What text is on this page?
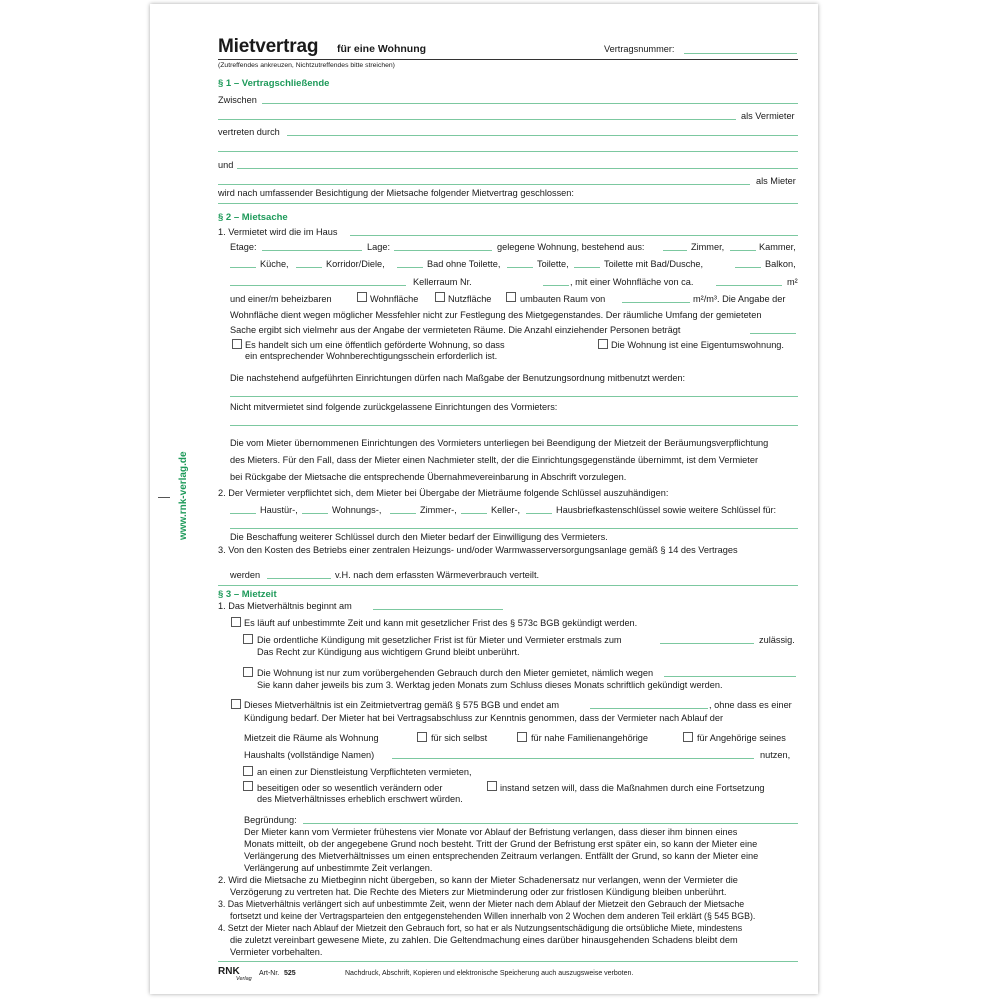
www.rnk-verlag.de
Mietvertrag für eine Wohnung	Vertragsnummer:
(Zutreffendes ankreuzen, Nichtzutreffendes bitte streichen)
§ 1 – Vertragschließende
Zwischen
als Vermieter
vertreten durch
und
als Mieter
wird nach umfassender Besichtigung der Mietsache folgender Mietvertrag geschlossen:
§ 2 – Mietsache
1. Vermietet wird die im Haus
Etage:	Lage:	gelegene Wohnung, bestehend aus:	Zimmer,	Kammer,
Küche,	Korridor/Diele,	Bad ohne Toilette,	Toilette,	Toilette mit Bad/Dusche,	Balkon,
Kellerraum Nr.	, mit einer Wohnfläche von ca.	m²
und einer/m beheizbaren	Wohnfläche	Nutzfläche	umbauten Raum von	m²/m³. Die Angabe der
Wohnfläche dient wegen möglicher Messfehler nicht zur Festlegung des Mietgegenstandes. Der räumliche Umfang der gemieteten
Sache ergibt sich vielmehr aus der Angabe der vermieteten Räume. Die Anzahl einziehender Personen beträgt
Es handelt sich um eine öffentlich geförderte Wohnung, so dass
ein entsprechender Wohnberechtigungsschein erforderlich ist.
Die Wohnung ist eine Eigentumswohnung.
Die nachstehend aufgeführten Einrichtungen dürfen nach Maßgabe der Benutzungsordnung mitbenutzt werden:
Nicht mitvermietet sind folgende zurückgelassene Einrichtungen des Vormieters:
Die vom Mieter übernommenen Einrichtungen des Vormieters unterliegen bei Beendigung der Mietzeit der Beräumungsverpflichtung
des Mieters. Für den Fall, dass der Mieter einen Nachmieter stellt, der die Einrichtungsgegenstände übernimmt, ist dem Vermieter
bei Rückgabe der Mietsache die entsprechende Übernahmevereinbarung in Abschrift vorzulegen.
2. Der Vermieter verpflichtet sich, dem Mieter bei Übergabe der Mieträume folgende Schlüssel auszuhändigen:
Haustür-,	Wohnungs-,	Zimmer-,	Keller-,	Hausbriefkastenschlüssel sowie weitere Schlüssel für:
Die Beschaffung weiterer Schlüssel durch den Mieter bedarf der Einwilligung des Vermieters.
3. Von den Kosten des Betriebs einer zentralen Heizungs- und/oder Warmwasserversorgungsanlage gemäß § 14 des Vertrages
werden	v.H. nach dem erfassten Wärmeverbrauch verteilt.
§ 3 – Mietzeit
1. Das Mietverhältnis beginnt am
Es läuft auf unbestimmte Zeit und kann mit gesetzlicher Frist des § 573c BGB gekündigt werden.
Die ordentliche Kündigung mit gesetzlicher Frist ist für Mieter und Vermieter erstmals zum	zulässig.
Das Recht zur Kündigung aus wichtigem Grund bleibt unberührt.
Die Wohnung ist nur zum vorübergehenden Gebrauch durch den Mieter gemietet, nämlich wegen
Sie kann daher jeweils bis zum 3. Werktag jeden Monats zum Schluss dieses Monats schriftlich gekündigt werden.
Dieses Mietverhältnis ist ein Zeitmietvertrag gemäß § 575 BGB und endet am	, ohne dass es einer
Kündigung bedarf. Der Mieter hat bei Vertragsabschluss zur Kenntnis genommen, dass der Vermieter nach Ablauf der
Mietzeit die Räume als Wohnung	für sich selbst	für nahe Familienangehörige	für Angehörige seines
Haushalts (vollständige Namen)	nutzen,
an einen zur Dienstleistung Verpflichteten vermieten,
beseitigen oder so wesentlich verändern oder	instand setzen will, dass die Maßnahmen durch eine Fortsetzung
des Mietverhältnisses erheblich erschwert würden.
Begründung:
Der Mieter kann vom Vermieter frühestens vier Monate vor Ablauf der Befristung verlangen, dass dieser ihm binnen eines
Monats mitteilt, ob der angegebene Grund noch besteht. Tritt der Grund der Befristung erst später ein, so kann der Mieter eine
Verlängerung des Mietverhältnisses um einen entsprechenden Zeitraum verlangen. Entfällt der Grund, so kann der Mieter eine
Verlängerung auf unbestimmte Zeit verlangen.
2. Wird die Mietsache zu Mietbeginn nicht übergeben, so kann der Mieter Schadenersatz nur verlangen, wenn der Vermieter die
Verzögerung zu vertreten hat. Die Rechte des Mieters zur Mietminderung oder zur fristlosen Kündigung bleiben unberührt.
3. Das Mietverhältnis verlängert sich auf unbestimmte Zeit, wenn der Mieter nach dem Ablauf der Mietzeit den Gebrauch der Mietsache
fortsetzt und keine der Vertragsparteien den entgegenstehenden Willen innerhalb von 2 Wochen dem anderen Teil erklärt (§ 545 BGB).
4. Setzt der Mieter nach Ablauf der Mietzeit den Gebrauch fort, so hat er als Nutzungsentschädigung die ortsübliche Miete, mindestens
die zuletzt vereinbart gewesene Miete, zu zahlen. Die Geltendmachung eines darüber hinausgehenden Schadens bleibt dem
Vermieter vorbehalten.
RNK
Verlag
Art-Nr. 525	Nachdruck, Abschrift, Kopieren und elektronische Speicherung auch auszugsweise verboten.
